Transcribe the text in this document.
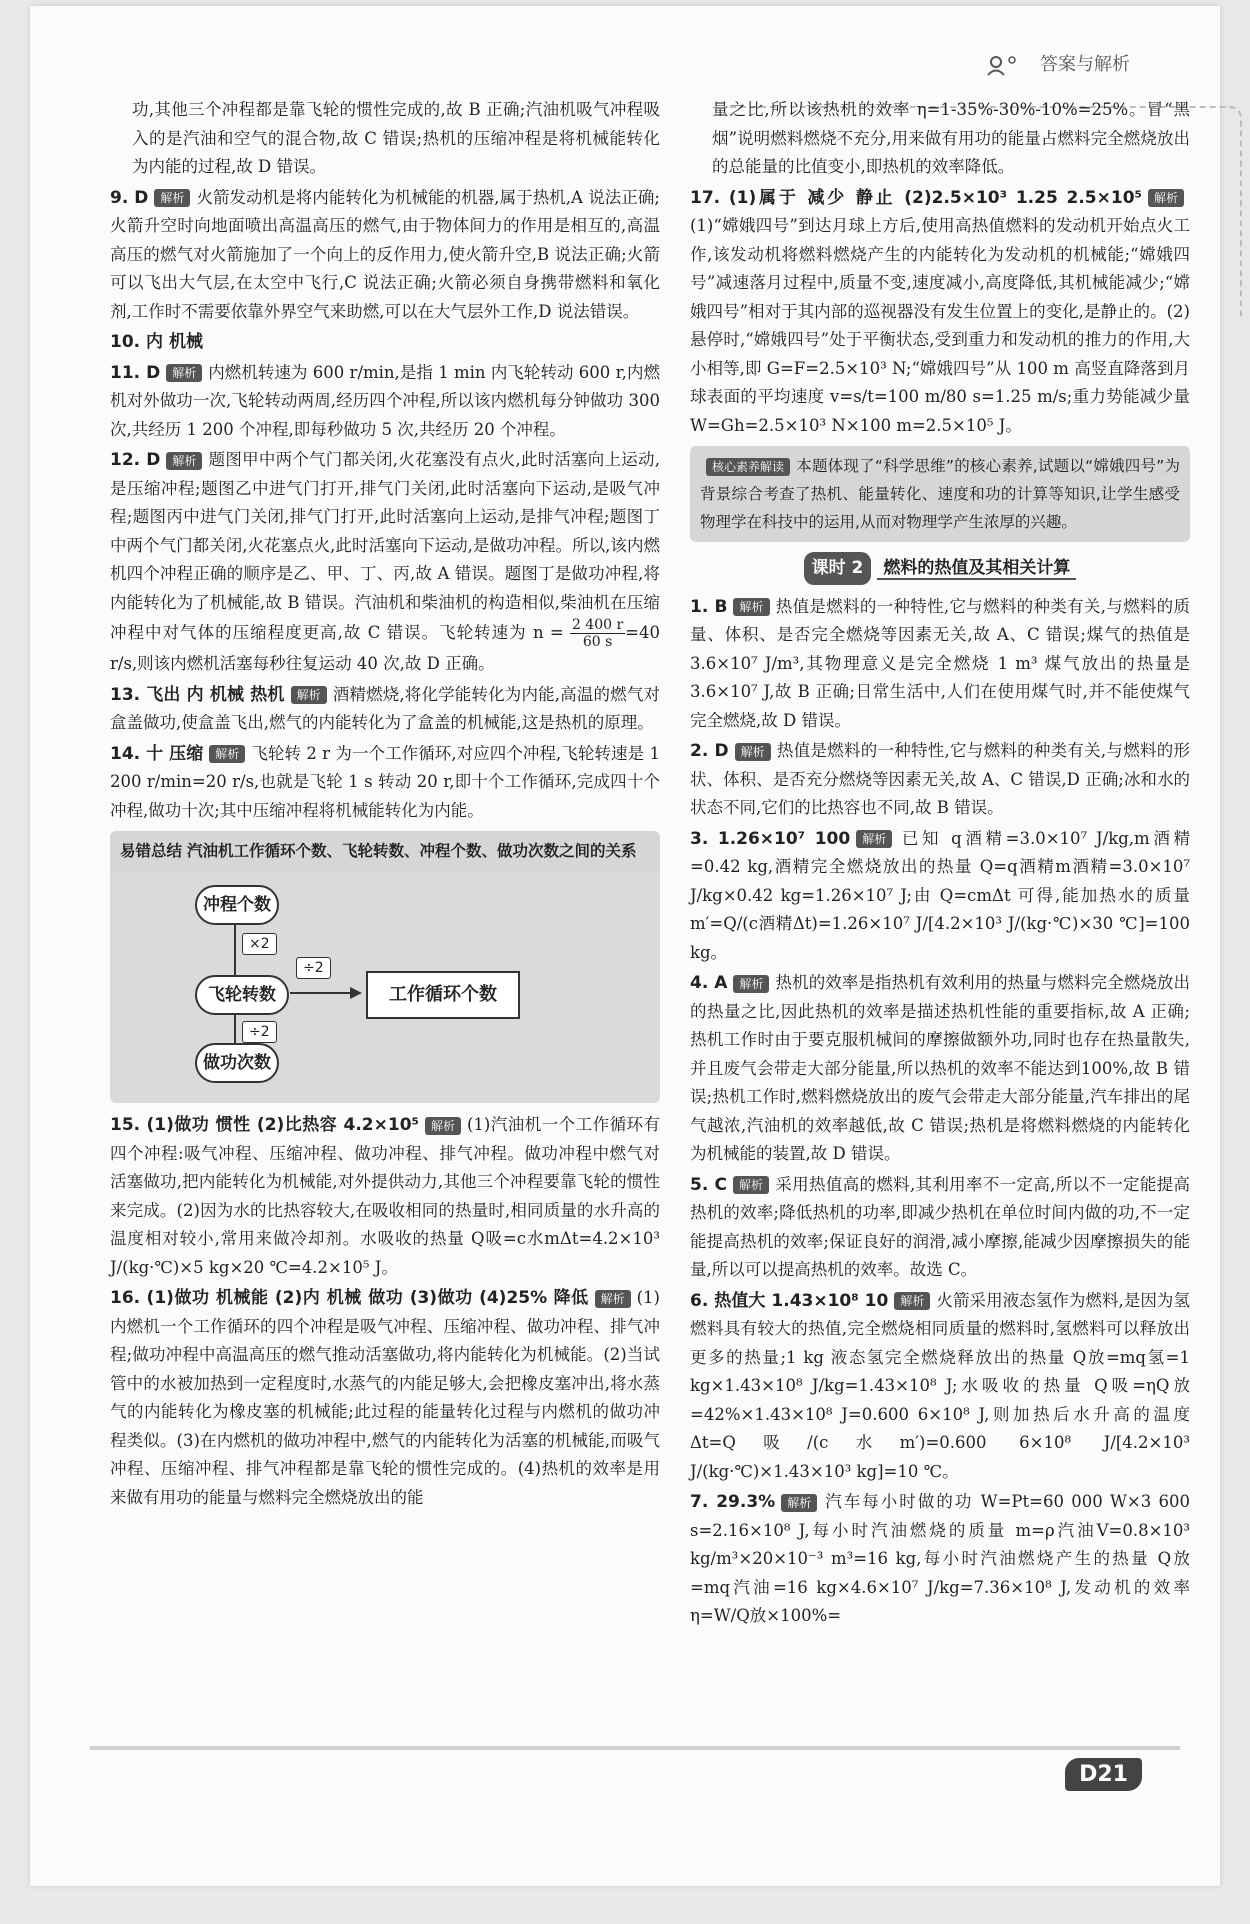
答案与解析
功,其他三个冲程都是靠飞轮的惯性完成的,故 B 正确;汽油机吸气冲程吸入的是汽油和空气的混合物,故 C 错误;热机的压缩冲程是将机械能转化为内能的过程,故 D 错误。
9. D 解析 火箭发动机是将内能转化为机械能的机器,属于热机,A 说法正确;火箭升空时向地面喷出高温高压的燃气,由于物体间力的作用是相互的,高温高压的燃气对火箭施加了一个向上的反作用力,使火箭升空,B 说法正确;火箭可以飞出大气层,在太空中飞行,C 说法正确;火箭必须自身携带燃料和氧化剂,工作时不需要依靠外界空气来助燃,可以在大气层外工作,D 说法错误。
10. 内 机械
11. D 解析 内燃机转速为 600 r/min,是指 1 min 内飞轮转动 600 r,内燃机对外做功一次,飞轮转动两周,经历四个冲程,所以该内燃机每分钟做功 300 次,共经历 1 200 个冲程,即每秒做功 5 次,共经历 20 个冲程。
12. D 解析 题图甲中两个气门都关闭,火花塞没有点火,此时活塞向上运动,是压缩冲程;题图乙中进气门打开,排气门关闭,此时活塞向下运动,是吸气冲程;题图丙中进气门关闭,排气门打开,此时活塞向上运动,是排气冲程;题图丁中两个气门都关闭,火花塞点火,此时活塞向下运动,是做功冲程。所以,该内燃机四个冲程正确的顺序是乙、甲、丁、丙,故 A 错误。题图丁是做功冲程,将内能转化为了机械能,故 B 错误。汽油机和柴油机的构造相似,柴油机在压缩冲程中对气体的压缩程度更高,故 C 错误。飞轮转速为 $n = \frac{2 400 r}{60 s} =40$ r/s,则该内燃机活塞每秒往复运动 40 次,故 D 正确。
13. 飞出 内 机械 热机 解析 酒精燃烧,将化学能转化为内能,高温的燃气对盒盖做功,使盒盖飞出,燃气的内能转化为了盒盖的机械能,这是热机的原理。
14. 十 压缩 解析 飞轮转 2 r 为一个工作循环,对应四个冲程,飞轮转速是 1 200 r/min=20 r/s,也就是飞轮 1 s 转动 20 r,即十个工作循环,完成四十个冲程,做功十次;其中压缩冲程将机械能转化为内能。
易错总结 汽油机工作循环个数、飞轮转数、冲程个数、做功次数之间的关系
冲程个数
×2
飞轮转数
÷2
工作循环个数
÷2
做功次数
15. (1)做功 惯性 (2)比热容 4.2×10⁵ 解析 (1)汽油机一个工作循环有四个冲程:吸气冲程、压缩冲程、做功冲程、排气冲程。做功冲程中燃气对活塞做功,把内能转化为机械能,对外提供动力,其他三个冲程要靠飞轮的惯性来完成。(2)因为水的比热容较大,在吸收相同的热量时,相同质量的水升高的温度相对较小,常用来做冷却剂。水吸收的热量 Q吸=c水mΔt=4.2×10³ J/(kg·℃)×5 kg×20 ℃=4.2×10⁵ J。
16. (1)做功 机械能 (2)内 机械 做功 (3)做功 (4)25% 降低 解析 (1)内燃机一个工作循环的四个冲程是吸气冲程、压缩冲程、做功冲程、排气冲程;做功冲程中高温高压的燃气推动活塞做功,将内能转化为机械能。(2)当试管中的水被加热到一定程度时,水蒸气的内能足够大,会把橡皮塞冲出,将水蒸气的内能转化为橡皮塞的机械能;此过程的能量转化过程与内燃机的做功冲程类似。(3)在内燃机的做功冲程中,燃气的内能转化为活塞的机械能,而吸气冲程、压缩冲程、排气冲程都是靠飞轮的惯性完成的。(4)热机的效率是用来做有用功的能量与燃料完全燃烧放出的能
量之比,所以该热机的效率 η=1-35%-30%-10%=25%。冒“黑烟”说明燃料燃烧不充分,用来做有用功的能量占燃料完全燃烧放出的总能量的比值变小,即热机的效率降低。
17. (1)属于 减少 静止 (2)2.5×10³ 1.25 2.5×10⁵ 解析(1)“嫦娥四号”到达月球上方后,使用高热值燃料的发动机开始点火工作,该发动机将燃料燃烧产生的内能转化为发动机的机械能;“嫦娥四号”减速落月过程中,质量不变,速度减小,高度降低,其机械能减少;“嫦娥四号”相对于其内部的巡视器没有发生位置上的变化,是静止的。(2)悬停时,“嫦娥四号”处于平衡状态,受到重力和发动机的推力的作用,大小相等,即 G=F=2.5×10³ N;“嫦娥四号”从 100 m 高竖直降落到月球表面的平均速度 v=s/t=100 m/80 s=1.25 m/s;重力势能减少量 W=Gh=2.5×10³ N×100 m=2.5×10⁵ J。
核心素养解读 本题体现了“科学思维”的核心素养,试题以“嫦娥四号”为背景综合考查了热机、能量转化、速度和功的计算等知识,让学生感受物理学在科技中的运用,从而对物理学产生浓厚的兴趣。
课时 2 燃料的热值及其相关计算
1. B 解析 热值是燃料的一种特性,它与燃料的种类有关,与燃料的质量、体积、是否完全燃烧等因素无关,故 A、C 错误;煤气的热值是 3.6×10⁷ J/m³,其物理意义是完全燃烧 1 m³ 煤气放出的热量是 3.6×10⁷ J,故 B 正确;日常生活中,人们在使用煤气时,并不能使煤气完全燃烧,故 D 错误。
2. D 解析 热值是燃料的一种特性,它与燃料的种类有关,与燃料的形状、体积、是否充分燃烧等因素无关,故 A、C 错误,D 正确;冰和水的状态不同,它们的比热容也不同,故 B 错误。
3. 1.26×10⁷ 100 解析 已知 q酒精=3.0×10⁷ J/kg,m酒精=0.42 kg,酒精完全燃烧放出的热量 Q=q酒精m酒精=3.0×10⁷ J/kg×0.42 kg=1.26×10⁷ J;由 Q=cmΔt 可得,能加热水的质量 m′=Q/(c酒精Δt)=1.26×10⁷ J/[4.2×10³ J/(kg·℃)×30 ℃]=100 kg。
4. A 解析 热机的效率是指热机有效利用的热量与燃料完全燃烧放出的热量之比,因此热机的效率是描述热机性能的重要指标,故 A 正确;热机工作时由于要克服机械间的摩擦做额外功,同时也存在热量散失,并且废气会带走大部分能量,所以热机的效率不能达到100%,故 B 错误;热机工作时,燃料燃烧放出的废气会带走大部分能量,汽车排出的尾气越浓,汽油机的效率越低,故 C 错误;热机是将燃料燃烧的内能转化为机械能的装置,故 D 错误。
5. C 解析 采用热值高的燃料,其利用率不一定高,所以不一定能提高热机的效率;降低热机的功率,即减少热机在单位时间内做的功,不一定能提高热机的效率;保证良好的润滑,减小摩擦,能减少因摩擦损失的能量,所以可以提高热机的效率。故选 C。
6. 热值大 1.43×10⁸ 10 解析 火箭采用液态氢作为燃料,是因为氢燃料具有较大的热值,完全燃烧相同质量的燃料时,氢燃料可以释放出更多的热量;1 kg 液态氢完全燃烧释放出的热量 Q放=mq氢=1 kg×1.43×10⁸ J/kg=1.43×10⁸ J;水吸收的热量 Q吸=ηQ放=42%×1.43×10⁸ J=0.600 6×10⁸ J,则加热后水升高的温度 Δt=Q吸/(c水m′)=0.600 6×10⁸ J/[4.2×10³ J/(kg·℃)×1.43×10³ kg]=10 ℃。
7. 29.3% 解析 汽车每小时做的功 W=Pt=60 000 W×3 600 s=2.16×10⁸ J,每小时汽油燃烧的质量 m=ρ汽油V=0.8×10³ kg/m³×20×10⁻³ m³=16 kg,每小时汽油燃烧产生的热量 Q放=mq汽油=16 kg×4.6×10⁷ J/kg=7.36×10⁸ J,发动机的效率 η=W/Q放×100%=
D21
